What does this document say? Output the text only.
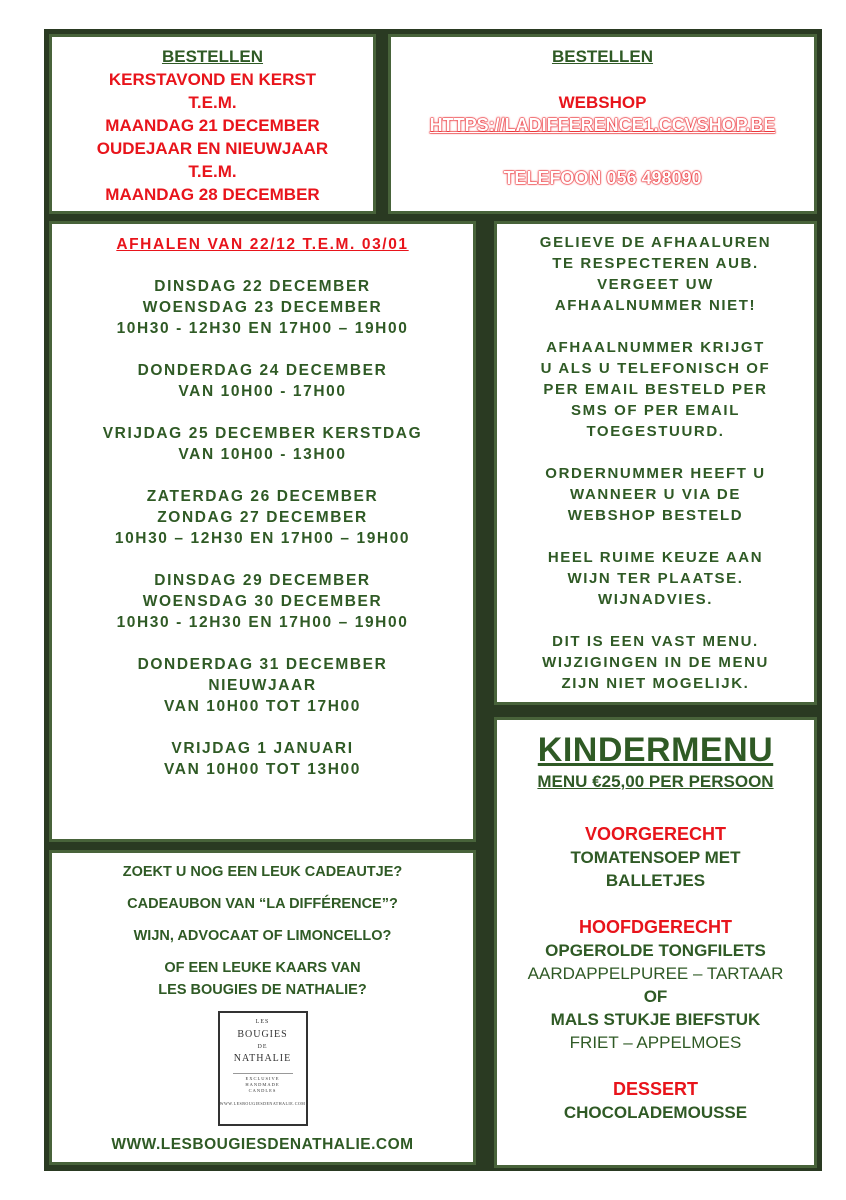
BESTELLEN
KERSTAVOND EN KERST
T.E.M.
MAANDAG 21 DECEMBER
OUDEJAAR EN NIEUWJAAR
T.E.M.
MAANDAG 28 DECEMBER
BESTELLEN
WEBSHOP
HTTPS://LADIFFERENCE1.CCVSHOP.BE
TELEFOON 056 498090
AFHALEN VAN 22/12 T.E.M. 03/01
DINSDAG 22 DECEMBER
WOENSDAG 23 DECEMBER
10H30 - 12H30 EN 17H00 – 19H00
DONDERDAG 24 DECEMBER
VAN 10H00 - 17H00
VRIJDAG 25 DECEMBER KERSTDAG
VAN 10H00 - 13H00
ZATERDAG 26 DECEMBER
ZONDAG 27 DECEMBER
10H30 – 12H30 EN 17H00 – 19H00
DINSDAG 29 DECEMBER
WOENSDAG 30 DECEMBER
10H30 - 12H30 EN 17H00 – 19H00
DONDERDAG 31 DECEMBER
NIEUWJAAR
VAN 10H00 TOT 17H00
VRIJDAG 1 JANUARI
VAN 10H00 TOT 13H00
GELIEVE DE AFHAALUREN
TE RESPECTEREN AUB.
VERGEET UW
AFHAALNUMMER NIET!
AFHAALNUMMER KRIJGT
U ALS U TELEFONISCH OF
PER EMAIL BESTELD PER
SMS OF PER EMAIL
TOEGESTUURD.
ORDERNUMMER HEEFT U
WANNEER U VIA DE
WEBSHOP BESTELD
HEEL RUIME KEUZE AAN
WIJN TER PLAATSE.
WIJNADVIES.
DIT IS EEN VAST MENU.
WIJZIGINGEN IN DE MENU
ZIJN NIET MOGELIJK.
ZOEKT U NOG EEN LEUK CADEAUTJE?
CADEAUBON VAN “LA DIFFÉRENCE”?
WIJN, ADVOCAAT OF LIMONCELLO?
OF EEN LEUKE KAARS VAN
LES BOUGIES DE NATHALIE?
LES
BOUGIES
DE
NATHALIE
EXCLUSIVE
HANDMADE
CANDLES
WWW.LESBOUGIESDENATHALIE.COM
WWW.LESBOUGIESDENATHALIE.COM
KINDERMENU
MENU €25,00 PER PERSOON
VOORGERECHT
TOMATENSOEP MET
BALLETJES
HOOFDGERECHT
OPGEROLDE TONGFILETS
AARDAPPELPUREE – TARTAAR
OF
MALS STUKJE BIEFSTUK
FRIET – APPELMOES
DESSERT
CHOCOLADEMOUSSE
